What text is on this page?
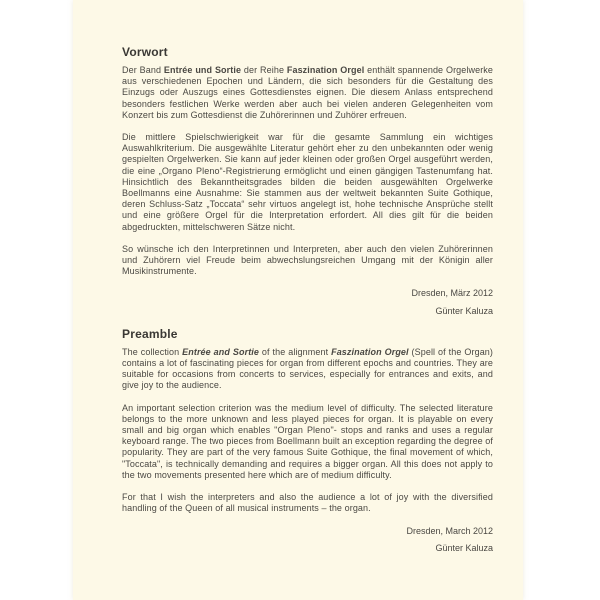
Vorwort

Der Band Entrée und Sortie der Reihe Faszination Orgel enthält spannende Orgelwerke aus verschiedenen Epochen und Ländern, die sich besonders für die Gestaltung des Einzugs oder Auszugs eines Gottesdienstes eignen. Die diesem Anlass entsprechend besonders festlichen Werke werden aber auch bei vielen anderen Gelegenheiten vom Konzert bis zum Gottesdienst die Zuhörerinnen und Zuhörer erfreuen.

Die mittlere Spielschwierigkeit war für die gesamte Sammlung ein wichtiges Auswahlkriterium. Die ausgewählte Literatur gehört eher zu den unbekannten oder wenig gespielten Orgelwerken. Sie kann auf jeder kleinen oder großen Orgel ausgeführt werden, die eine „Organo Pleno“-Registrierung ermöglicht und einen gängigen Tastenumfang hat. Hinsichtlich des Bekanntheitsgrades bilden die beiden ausgewählten Orgelwerke Boellmanns eine Ausnahme: Sie stammen aus der weltweit bekannten Suite Gothique, deren Schluss-Satz „Toccata“ sehr virtuos angelegt ist, hohe technische Ansprüche stellt und eine größere Orgel für die Interpretation erfordert. All dies gilt für die beiden abgedruckten, mittelschweren Sätze nicht.

So wünsche ich den Interpretinnen und Interpreten, aber auch den vielen Zuhörerinnen und Zuhörern viel Freude beim abwechslungsreichen Umgang mit der Königin aller Musikinstrumente.

Dresden, März 2012
Günter Kaluza
Preamble

The collection Entrée and Sortie of the alignment Faszination Orgel (Spell of the Organ) contains a lot of fascinating pieces for organ from different epochs and countries. They are suitable for occasions from concerts to services, especially for entrances and exits, and give joy to the audience.

An important selection criterion was the medium level of difficulty. The selected literature belongs to the more unknown and less played pieces for organ. It is playable on every small and big organ which enables "Organ Pleno"- stops and ranks and uses a regular keyboard range. The two pieces from Boellmann built an exception regarding the degree of popularity. They are part of the very famous Suite Gothique, the final movement of which, "Toccata", is technically demanding and requires a bigger organ. All this does not apply to the two movements presented here which are of medium difficulty.

For that I wish the interpreters and also the audience a lot of joy with the diversified handling of the Queen of all musical instruments – the organ.

Dresden, March 2012
Günter Kaluza
